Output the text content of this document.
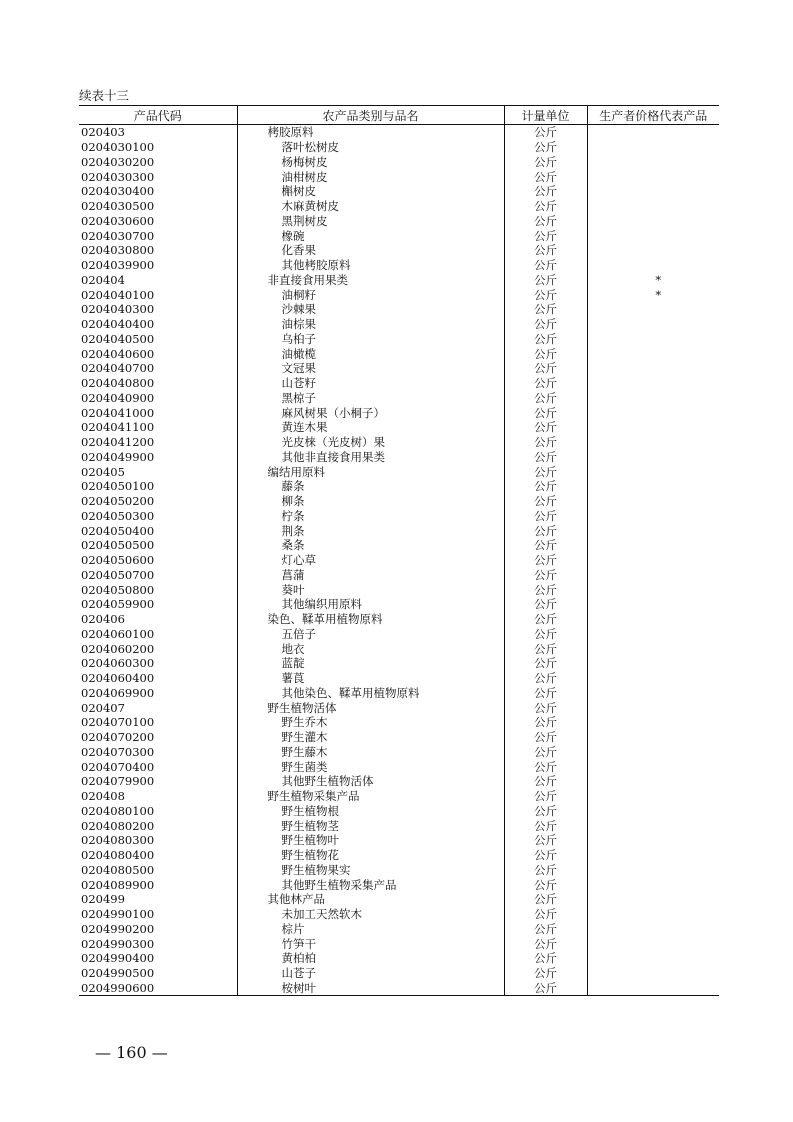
续表十三
产品代码	农产品类别与品名	计量单位	生产者价格代表产品
020403	栲胶原料	公斤	
0204030100	落叶松树皮	公斤	
0204030200	杨梅树皮	公斤	
0204030300	油柑树皮	公斤	
0204030400	槲树皮	公斤	
0204030500	木麻黄树皮	公斤	
0204030600	黑荆树皮	公斤	
0204030700	橡碗	公斤	
0204030800	化香果	公斤	
0204039900	其他栲胶原料	公斤	
020404	非直接食用果类	公斤	*
0204040100	油桐籽	公斤	*
0204040300	沙棘果	公斤	
0204040400	油棕果	公斤	
0204040500	乌桕子	公斤	
0204040600	油橄榄	公斤	
0204040700	文冠果	公斤	
0204040800	山苍籽	公斤	
0204040900	黑椋子	公斤	
0204041000	麻风树果（小桐子）	公斤	
0204041100	黄连木果	公斤	
0204041200	光皮梾（光皮树）果	公斤	
0204049900	其他非直接食用果类	公斤	
020405	编结用原料	公斤	
0204050100	藤条	公斤	
0204050200	柳条	公斤	
0204050300	柠条	公斤	
0204050400	荆条	公斤	
0204050500	桑条	公斤	
0204050600	灯心草	公斤	
0204050700	菖蒲	公斤	
0204050800	葵叶	公斤	
0204059900	其他编织用原料	公斤	
020406	染色、鞣革用植物原料	公斤	
0204060100	五倍子	公斤	
0204060200	地衣	公斤	
0204060300	蓝靛	公斤	
0204060400	薯莨	公斤	
0204069900	其他染色、鞣革用植物原料	公斤	
020407	野生植物活体	公斤	
0204070100	野生乔木	公斤	
0204070200	野生灌木	公斤	
0204070300	野生藤木	公斤	
0204070400	野生菌类	公斤	
0204079900	其他野生植物活体	公斤	
020408	野生植物采集产品	公斤	
0204080100	野生植物根	公斤	
0204080200	野生植物茎	公斤	
0204080300	野生植物叶	公斤	
0204080400	野生植物花	公斤	
0204080500	野生植物果实	公斤	
0204089900	其他野生植物采集产品	公斤	
020499	其他林产品	公斤	
0204990100	未加工天然软木	公斤	
0204990200	棕片	公斤	
0204990300	竹笋干	公斤	
0204990400	黄柏柏	公斤	
0204990500	山苍子	公斤	
0204990600	桉树叶	公斤	
— 160 —
